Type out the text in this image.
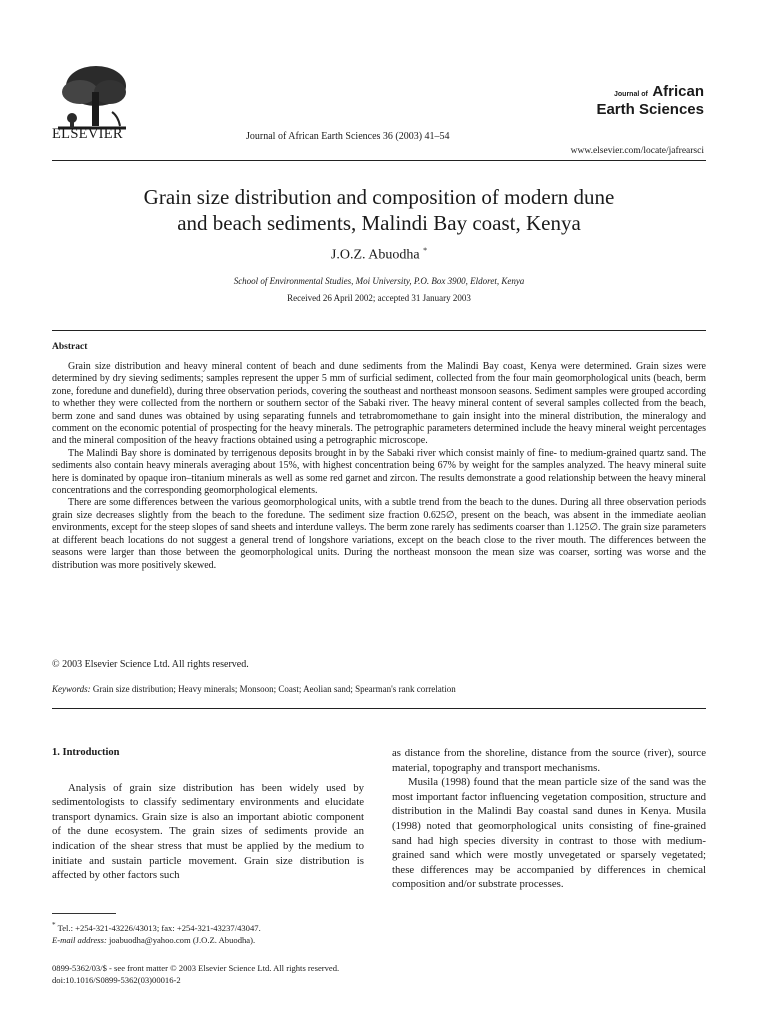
ELSEVIER	Journal of African Earth Sciences 36 (2003) 41–54
Journal of African
Earth Sciences
www.elsevier.com/locate/jafrearsci
Grain size distribution and composition of modern dune
and beach sediments, Malindi Bay coast, Kenya
J.O.Z. Abuodha *
School of Environmental Studies, Moi University, P.O. Box 3900, Eldoret, Kenya
Received 26 April 2002; accepted 31 January 2003
Abstract

Grain size distribution and heavy mineral content of beach and dune sediments from the Malindi Bay coast, Kenya were determined. Grain sizes were determined by dry sieving sediments; samples represent the upper 5 mm of surficial sediment, collected from the four main geomorphological units (beach, berm zone, foredune and dunefield), during three observation periods, covering the southeast and northeast monsoon seasons. Sediment samples were grouped according to whether they were collected from the northern or southern sector of the Sabaki river. The heavy mineral content of several samples collected from the beach, berm zone and sand dunes was obtained by using separating funnels and tetrabromomethane to gain insight into the mineral distribution, the mineralogy and comment on the economic potential of prospecting for the heavy minerals. The petrographic parameters determined include the heavy mineral weight percentages and the mineral composition of the heavy fractions obtained using a petrographic microscope.

The Malindi Bay shore is dominated by terrigenous deposits brought in by the Sabaki river which consist mainly of fine- to medium-grained quartz sand. The sediments also contain heavy minerals averaging about 15%, with highest concentration being 67% by weight for the samples analyzed. The heavy mineral suite here is dominated by opaque iron–titanium minerals as well as some red garnet and zircon. The results demonstrate a good relationship between the heavy mineral concentrations and the corresponding geomorphological elements.

There are some differences between the various geomorphological units, with a subtle trend from the beach to the dunes. During all three observation periods grain size decreases slightly from the beach to the foredune. The sediment size fraction 0.625∅, present on the beach, was absent in the immediate aeolian environments, except for the steep slopes of sand sheets and interdune valleys. The berm zone rarely has sediments coarser than 1.125∅. The grain size parameters at different beach locations do not suggest a general trend of longshore variations, except on the beach close to the river mouth. The differences between the seasons were larger than those between the geomorphological units. During the northeast monsoon the mean size was coarser, sorting was worse and the distribution was more positively skewed.

© 2003 Elsevier Science Ltd. All rights reserved.
Keywords: Grain size distribution; Heavy minerals; Monsoon; Coast; Aeolian sand; Spearman's rank correlation
1. Introduction

Analysis of grain size distribution has been widely used by sedimentologists to classify sedimentary environments and elucidate transport dynamics. Grain size is also an important abiotic component of the dune ecosystem. The grain sizes of sediments provide an indication of the shear stress that must be applied by the medium to initiate and sustain particle movement. Grain size distribution is affected by other factors such

as distance from the shoreline, distance from the source (river), source material, topography and transport mechanisms.

Musila (1998) found that the mean particle size of the sand was the most important factor influencing vegetation composition, structure and distribution in the Malindi Bay coastal sand dunes in Kenya. Musila (1998) noted that geomorphological units consisting of fine-grained sand had high species diversity in contrast to those with medium-grained sand which were mostly unvegetated or sparsely vegetated; these differences may be accompanied by differences in chemical composition and/or substrate processes.

* Tel.: +254-321-43226/43013; fax: +254-321-43237/43047.
E-mail address: joabuodha@yahoo.com (J.O.Z. Abuodha).
0899-5362/03/$ - see front matter © 2003 Elsevier Science Ltd. All rights reserved.
doi:10.1016/S0899-5362(03)00016-2
